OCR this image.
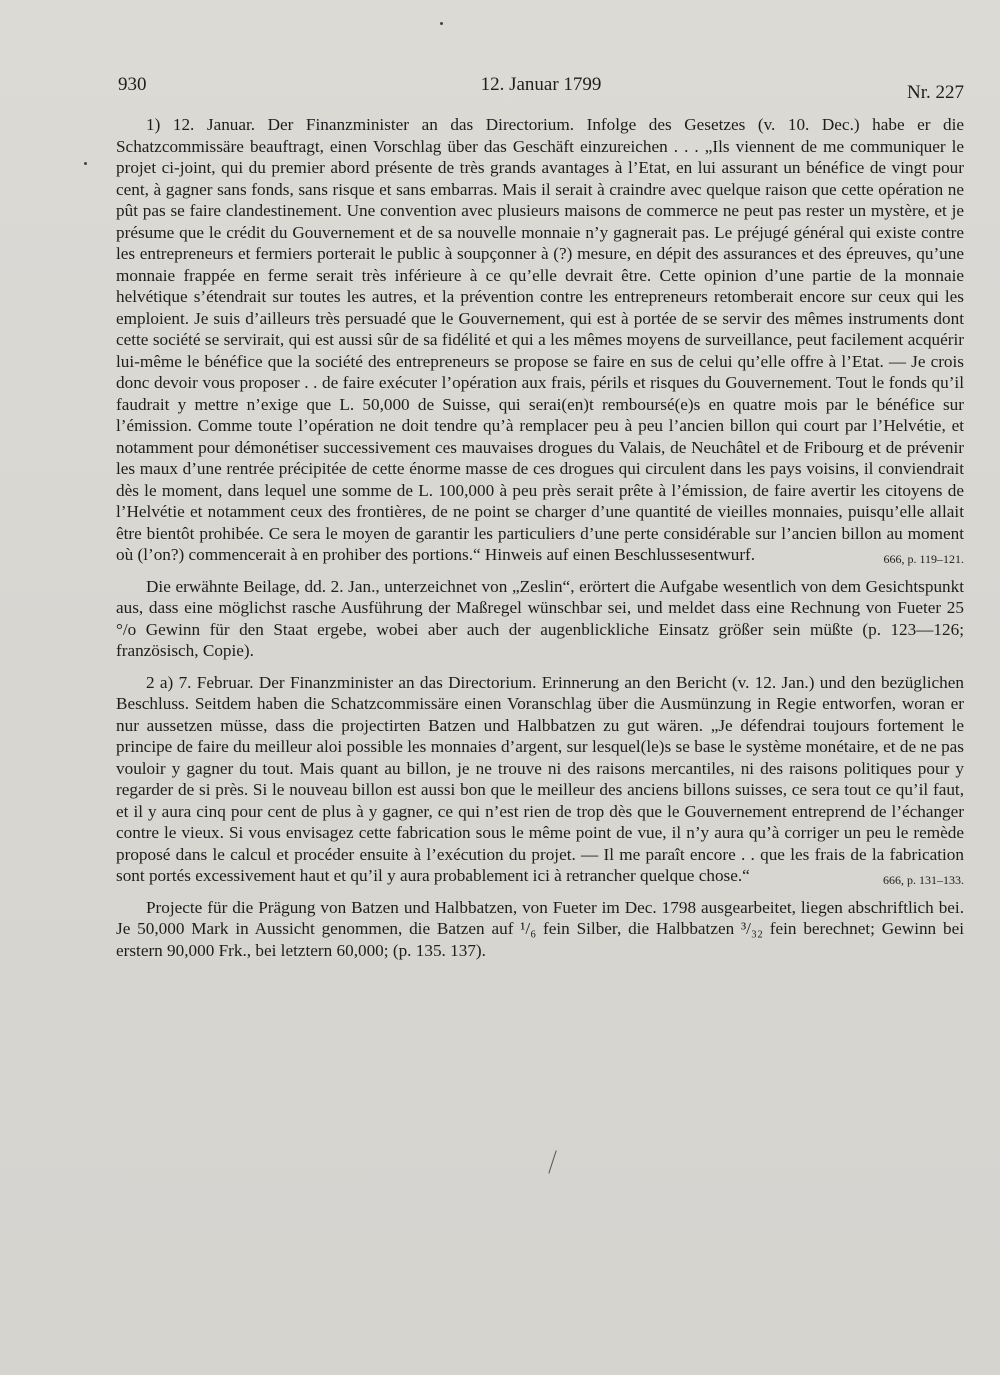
930	12. Januar 1799	Nr. 227

1) 12. Januar. Der Finanzminister an das Directorium. Infolge des Gesetzes (v. 10. Dec.) habe er die Schatzcommissäre beauftragt, einen Vorschlag über das Geschäft einzureichen . . . „Ils viennent de me communiquer le projet ci-joint, qui du premier abord présente de très grands avantages à l’Etat, en lui assurant un bénéfice de vingt pour cent, à gagner sans fonds, sans risque et sans embarras. Mais il serait à craindre avec quelque raison que cette opération ne pût pas se faire clandestinement. Une convention avec plusieurs maisons de commerce ne peut pas rester un mystère, et je présume que le crédit du Gouvernement et de sa nouvelle monnaie n’y gagnerait pas. Le préjugé général qui existe contre les entrepreneurs et fermiers porterait le public à soupçonner à (?) mesure, en dépit des assurances et des épreuves, qu’une monnaie frappée en ferme serait très inférieure à ce qu’elle devrait être. Cette opinion d’une partie de la monnaie helvétique s’étendrait sur toutes les autres, et la prévention contre les entrepreneurs retomberait encore sur ceux qui les emploient. Je suis d’ailleurs très persuadé que le Gouvernement, qui est à portée de se servir des mêmes instruments dont cette société se servirait, qui est aussi sûr de sa fidélité et qui a les mêmes moyens de surveillance, peut facilement acquérir lui-même le bénéfice que la société des entrepreneurs se propose se faire en sus de celui qu’elle offre à l’Etat. — Je crois donc devoir vous proposer . . de faire exécuter l’opération aux frais, périls et risques du Gouvernement. Tout le fonds qu’il faudrait y mettre n’exige que L. 50,000 de Suisse, qui serai(en)t remboursé(e)s en quatre mois par le bénéfice sur l’émission. Comme toute l’opération ne doit tendre qu’à remplacer peu à peu l’ancien billon qui court par l’Helvétie, et notamment pour démonétiser successivement ces mauvaises drogues du Valais, de Neuchâtel et de Fribourg et de prévenir les maux d’une rentrée précipitée de cette énorme masse de ces drogues qui circulent dans les pays voisins, il conviendrait dès le moment, dans lequel une somme de L. 100,000 à peu près serait prête à l’émission, de faire avertir les citoyens de l’Helvétie et notamment ceux des frontières, de ne point se charger d’une quantité de vieilles monnaies, puisqu’elle allait être bientôt prohibée. Ce sera le moyen de garantir les particuliers d’une perte considérable sur l’ancien billon au moment où (l’on?) commencerait à en prohiber des portions.“ Hinweis auf einen Beschlussesentwurf.	666, p. 119–121.

Die erwähnte Beilage, dd. 2. Jan., unterzeichnet von „Zeslin“, erörtert die Aufgabe wesentlich von dem Gesichtspunkt aus, dass eine möglichst rasche Ausführung der Maßregel wünschbar sei, und meldet dass eine Rechnung von Fueter 25 °/o Gewinn für den Staat ergebe, wobei aber auch der augenblickliche Einsatz größer sein müßte (p. 123—126; französisch, Copie).

2 a) 7. Februar. Der Finanzminister an das Directorium. Erinnerung an den Bericht (v. 12. Jan.) und den bezüglichen Beschluss. Seitdem haben die Schatzcommissäre einen Voranschlag über die Ausmünzung in Regie entworfen, woran er nur aussetzen müsse, dass die projectirten Batzen und Halbbatzen zu gut wären. „Je défendrai toujours fortement le principe de faire du meilleur aloi possible les monnaies d’argent, sur lesquel(le)s se base le système monétaire, et de ne pas vouloir y gagner du tout. Mais quant au billon, je ne trouve ni des raisons mercantiles, ni des raisons politiques pour y regarder de si près. Si le nouveau billon est aussi bon que le meilleur des anciens billons suisses, ce sera tout ce qu’il faut, et il y aura cinq pour cent de plus à y gagner, ce qui n’est rien de trop dès que le Gouvernement entreprend de l’échanger contre le vieux. Si vous envisagez cette fabrication sous le même point de vue, il n’y aura qu’à corriger un peu le remède proposé dans le calcul et procéder ensuite à l’exécution du projet. — Il me paraît encore . . que les frais de la fabrication sont portés excessivement haut et qu’il y aura probablement ici à retrancher quelque chose.“	666, p. 131–133.

Projecte für die Prägung von Batzen und Halbbatzen, von Fueter im Dec. 1798 ausgearbeitet, liegen abschriftlich bei. Je 50,000 Mark in Aussicht genommen, die Batzen auf ¹/₆ fein Silber, die Halbbatzen ³/₃₂ fein berechnet; Gewinn bei erstern 90,000 Frk., bei letztern 60,000; (p. 135. 137).
